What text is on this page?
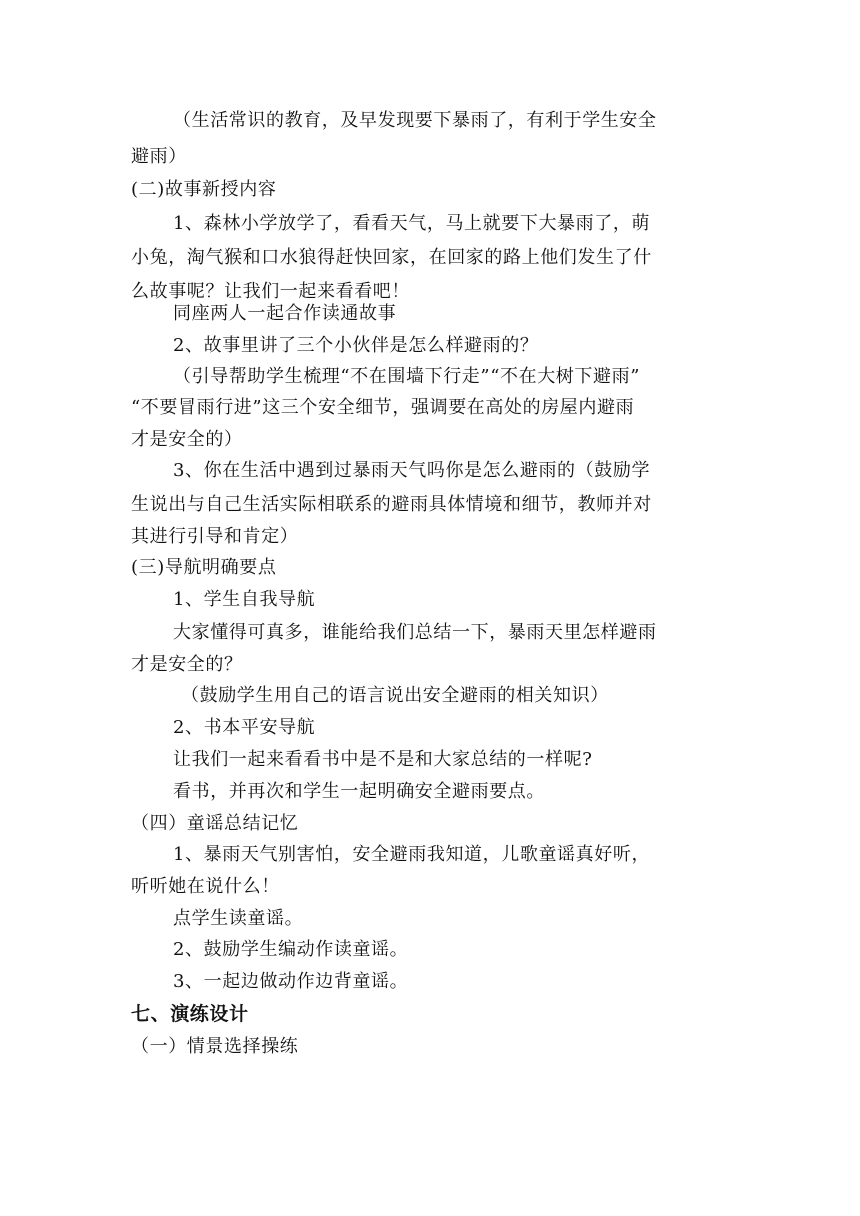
（生活常识的教育，及早发现要下暴雨了，有利于学生安全
避雨）
(二)故事新授内容
1、森林小学放学了，看看天气，马上就要下大暴雨了，萌
小兔，淘气猴和口水狼得赶快回家，在回家的路上他们发生了什
么故事呢？让我们一起来看看吧！
同座两人一起合作读通故事
2、故事里讲了三个小伙伴是怎么样避雨的？
（引导帮助学生梳理“不在围墙下行走”“不在大树下避雨”
“不要冒雨行进”这三个安全细节，强调要在高处的房屋内避雨
才是安全的）
3、你在生活中遇到过暴雨天气吗你是怎么避雨的（鼓励学
生说出与自己生活实际相联系的避雨具体情境和细节，教师并对
其进行引导和肯定）
(三)导航明确要点
1、学生自我导航
大家懂得可真多，谁能给我们总结一下，暴雨天里怎样避雨
才是安全的？
（鼓励学生用自己的语言说出安全避雨的相关知识）
2、书本平安导航
让我们一起来看看书中是不是和大家总结的一样呢?
看书，并再次和学生一起明确安全避雨要点。
（四）童谣总结记忆
1、暴雨天气别害怕，安全避雨我知道，儿歌童谣真好听，
听听她在说什么！
点学生读童谣。
2、鼓励学生编动作读童谣。
3、一起边做动作边背童谣。
七、演练设计
（一）情景选择操练
